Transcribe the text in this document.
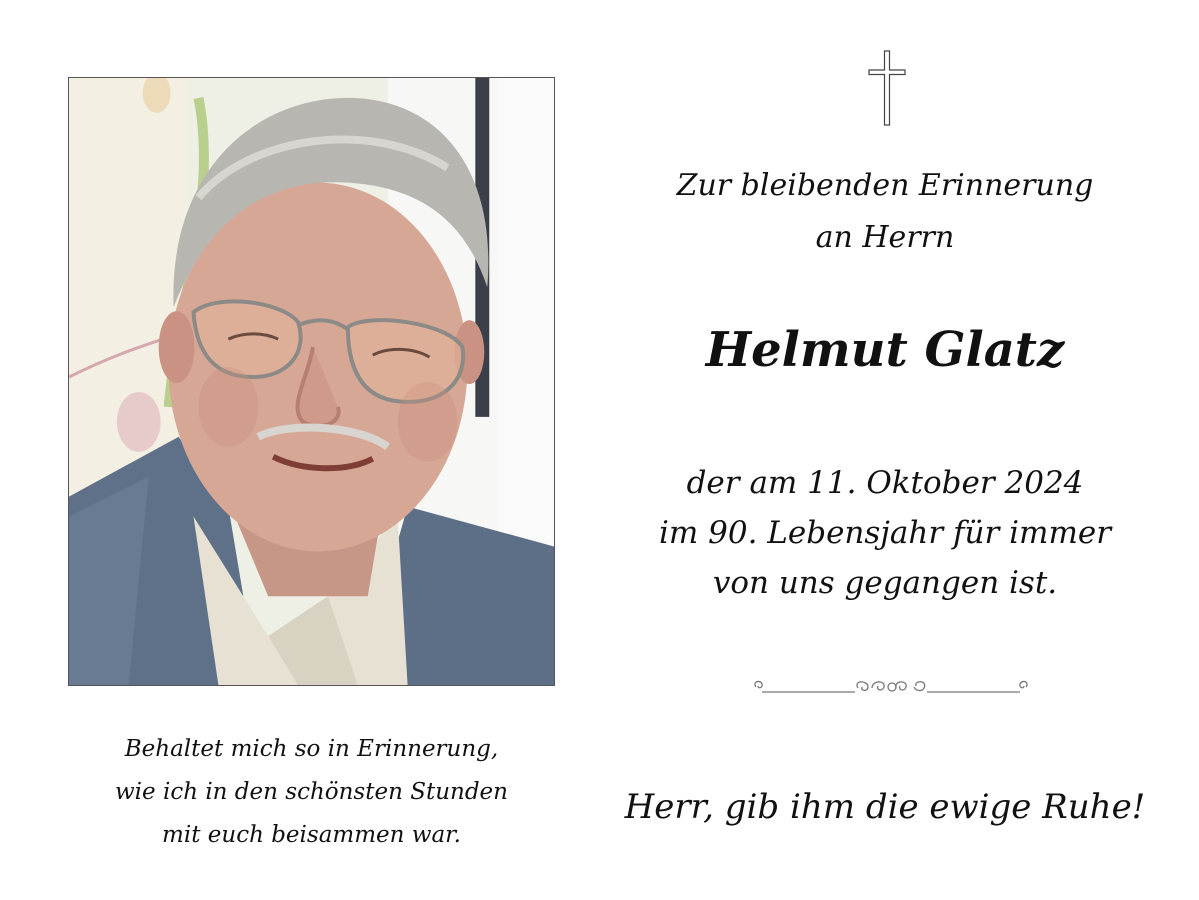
Behaltet mich so in Erinnerung,
wie ich in den schönsten Stunden
mit euch beisammen war.
Zur bleibenden Erinnerung
an Herrn
Helmut Glatz
der am 11. Oktober 2024
im 90. Lebensjahr für immer
von uns gegangen ist.
Herr, gib ihm die ewige Ruhe!
